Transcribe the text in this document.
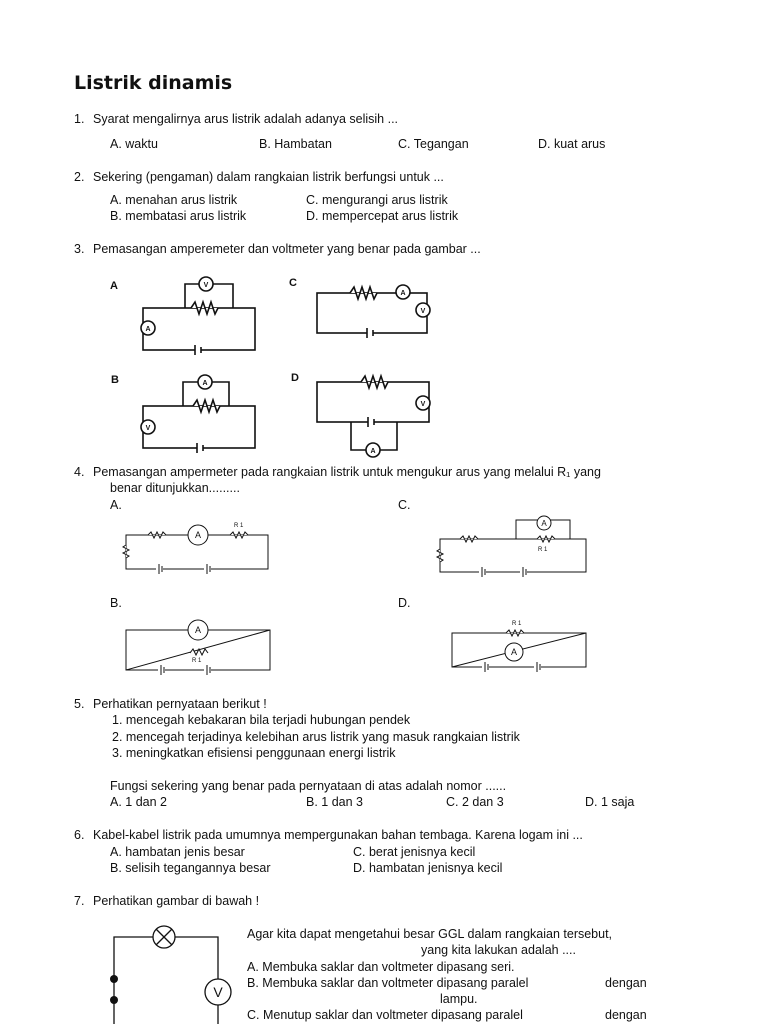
Listrik dinamis
1. Syarat mengalirnya arus listrik adalah adanya selisih ...
A. waktu	B. Hambatan	C. Tegangan	D. kuat arus
2. Sekering (pengaman) dalam rangkaian listrik berfungsi untuk ...
A. menahan arus listrik	C. mengurangi arus listrik
B. membatasi arus listrik	D. mempercepat arus listrik
3. Pemasangan amperemeter dan voltmeter yang benar pada gambar ...
V
A
A
V
A
V
A
V
A	C
B	D
4. Pemasangan ampermeter pada rangkaian listrik untuk mengukur arus yang melalui R₁ yang
benar ditunjukkan.........
A.	C.
B.	D.
A
R 1	A
R 1
A
R 1
A
R 1
5. Perhatikan pernyataan berikut !
1. mencegah kebakaran bila terjadi hubungan pendek
2. mencegah terjadinya kelebihan arus listrik yang masuk rangkaian listrik
3. meningkatkan efisiensi penggunaan energi listrik
Fungsi sekering yang benar pada pernyataan di atas adalah nomor ......
A. 1 dan 2	B. 1 dan 3	C. 2 dan 3	D. 1 saja
6. Kabel-kabel listrik pada umumnya mempergunakan bahan tembaga. Karena logam ini ...
A. hambatan jenis besar	C. berat jenisnya kecil
B. selisih tegangannya besar	D. hambatan jenisnya kecil
7. Perhatikan gambar di bawah !
V
Agar kita dapat mengetahui besar GGL dalam rangkaian tersebut,
yang kita lakukan adalah ....
A. Membuka saklar dan voltmeter dipasang seri.
B. Membuka saklar dan voltmeter dipasang paralel	dengan
lampu.
C. Menutup saklar dan voltmeter dipasang paralel	dengan
